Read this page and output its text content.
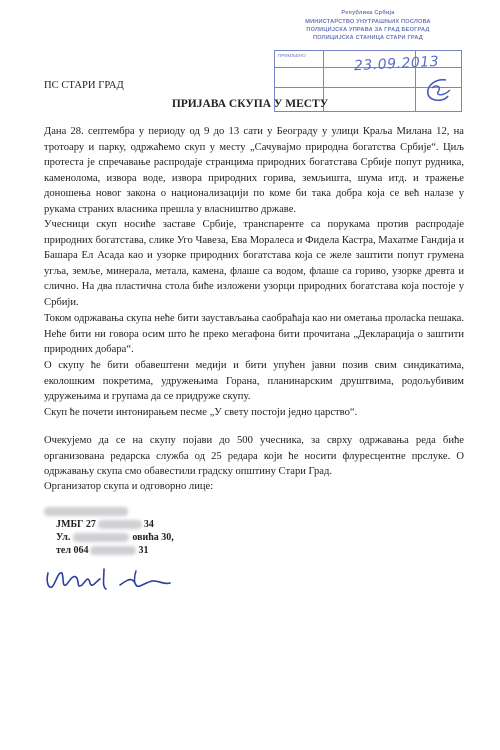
Република Србија
МИНИСТАРСТВО УНУТРАШЊИХ ПОСЛОВА
ПОЛИЦИЈСКА УПРАВА ЗА ГРАД БЕОГРАД
ПОЛИЦИЈСКА СТАНИЦА СТАРИ ГРАД
ПРИМЉЕНО	23.09.2013
ПС СТАРИ ГРАД
ПРИЈАВА СКУПА У МЕСТУ
Дана 28. септембра у периоду од 9 до 13 сати у Београду у улици Краља Милана 12, на тротоару и парку, одржаћемо скуп у месту „Сачувајмо природна богатства Србије“. Циљ протеста је спречавање распродаје странцима природних богатстава Србије попут рудника, каменолома, извора воде, извора природних горива, земљишта, шума итд. и тражење доношења новог закона о национализацији по коме би така добра која се већ налазе у рукама страних власника прешла у власништво државе.
Учесници скуп носиће заставе Србије, транспаренте са порукама против распродаје природних богатстава, слике Уго Чавеза, Ева Моралеса и Фидела Кастра, Махатме Гандија и Башара Ел Асада као и узорке природних богатстава која се желе заштити попут грумена угља, земље, минерала, метала, камена, флаше са водом, флаше са гориво, узорке древта и слично. На два пластична стола биће изложени узорци природних богатстава која постоје у Србији.
Током одржавања скупа неће бити заустављања саобраћаја као ни ометања пролаcka пешака. Неће бити ни говора осим што ће преко мегафона бити прочитана „Декларација о заштити природних добара“.
О скупу ће бити обавештени медији и бити упућен јавни позив свим синдикатима, еколошким покретима, удружењима Горана, планинарским друштвима, родољубивим удружењима и групама да се придруже скупу.
Скуп ће почети интонирањем песме „У свету постоји једно царство“.
Очекујемо да се на скупу појави до 500 учесника, за сврху одржавања реда биће организована редарска служба од 25 редара који ће носити флуресцентне прслуке. О одржавању скупа смо обавестили градску општину Стари Град.
Организатор скупа и одговорно лице:
ЈМБГ 27	34
Ул.	овића 30,
тел 064	31
